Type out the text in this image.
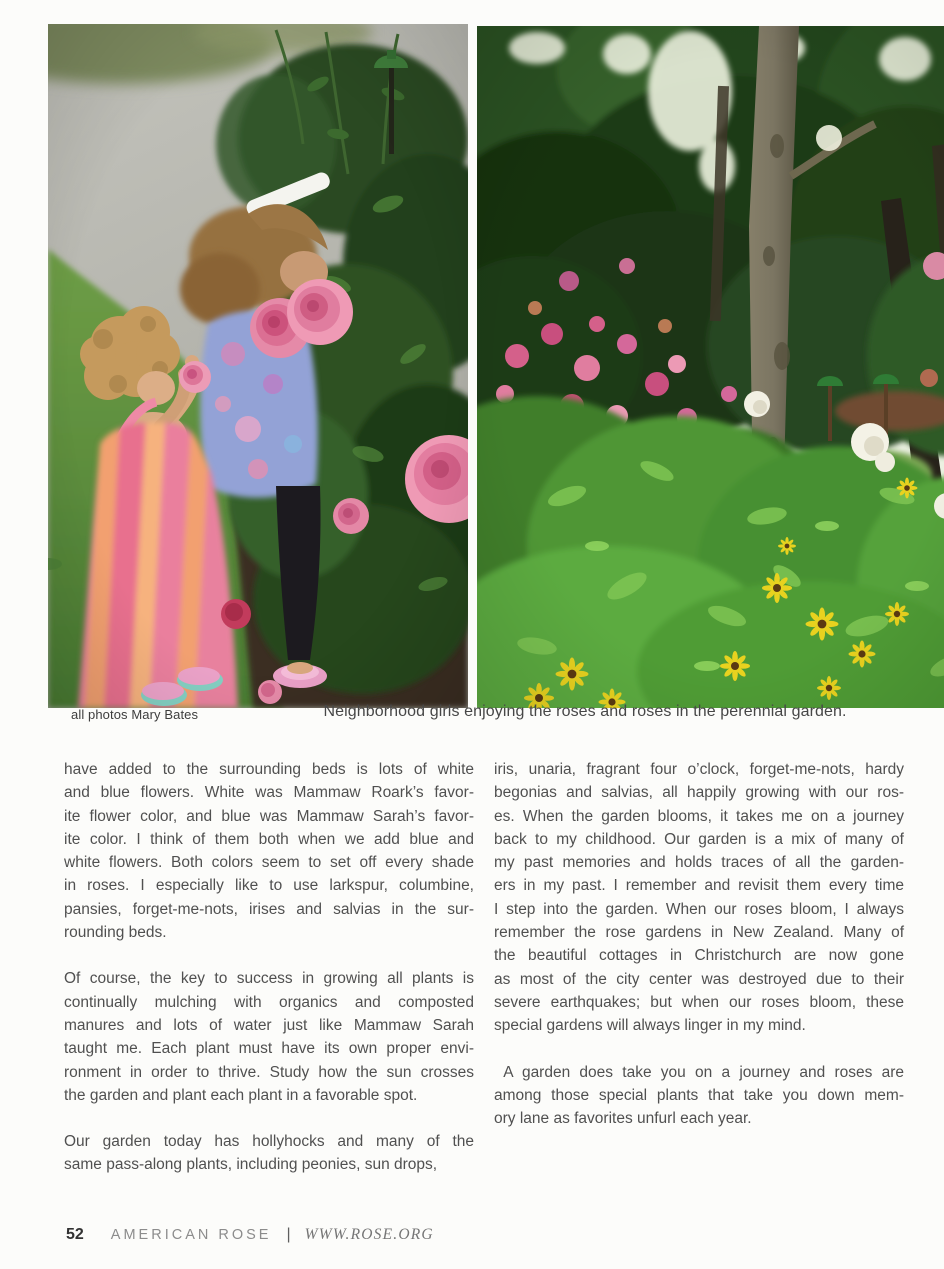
all photos Mary Bates	Neighborhood girls enjoying the roses and roses in the perennial garden.
have added to the surrounding beds is lots of white
and blue flowers. White was Mammaw Roark’s favor-
ite flower color, and blue was Mammaw Sarah’s favor-
ite color. I think of them both when we add blue and
white flowers. Both colors seem to set off every shade
in roses. I especially like to use larkspur, columbine,
pansies, forget-me-nots, irises and salvias in the sur-
rounding beds.
Of course, the key to success in growing all plants is
continually mulching with organics and composted
manures and lots of water just like Mammaw Sarah
taught me. Each plant must have its own proper envi-
ronment in order to thrive. Study how the sun crosses
the garden and plant each plant in a favorable spot.
Our garden today has hollyhocks and many of the
same pass-along plants, including peonies, sun drops,
iris, unaria, fragrant four o’clock, forget-me-nots, hardy
begonias and salvias, all happily growing with our ros-
es. When the garden blooms, it takes me on a journey
back to my childhood. Our garden is a mix of many of
my past memories and holds traces of all the garden-
ers in my past. I remember and revisit them every time
I step into the garden. When our roses bloom, I always
remember the rose gardens in New Zealand. Many of
the beautiful cottages in Christchurch are now gone
as most of the city center was destroyed due to their
severe earthquakes; but when our roses bloom, these
special gardens will always linger in my mind.
A garden does take you on a journey and roses are
among those special plants that take you down mem-
ory lane as favorites unfurl each year.
52 AMERICAN ROSE | WWW.ROSE.ORG
